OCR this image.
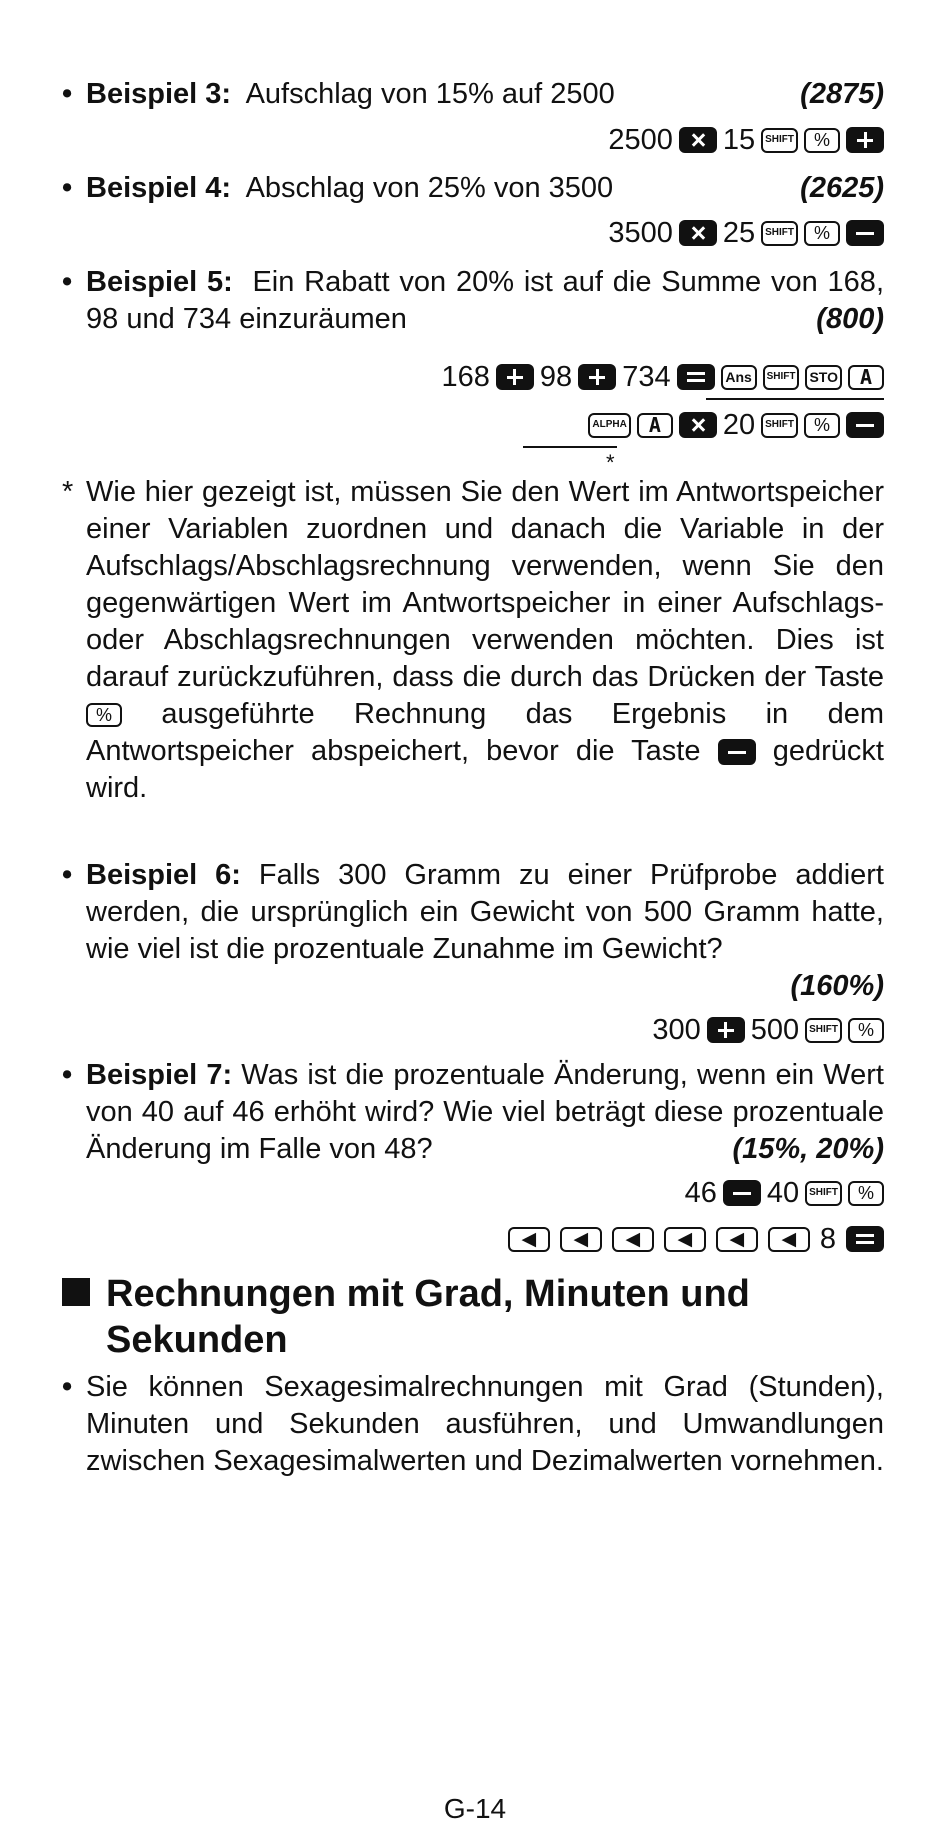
• Beispiel 3: Aufschlag von 15% auf 2500	(2875)
2500 15	SHIFT	%
• Beispiel 4: Abschlag von 25% von 3500	(2625)
3500 25	SHIFT	%
• Beispiel 5: Ein Rabatt von 20% ist auf die Summe von 168, 98 und 734 einzuräumen	(800)
168 98 734	Ans	SHIFT STO	A
ALPHA	A	20	SHIFT	%
*
* Wie hier gezeigt ist, müssen Sie den Wert im Antwortspeicher einer Variablen zuordnen und danach die Variable in der Aufschlags/Abschlagsrechnung verwenden, wenn Sie den gegenwärtigen Wert im Antwortspeicher in einer Aufschlags- oder Abschlagsrechnungen verwenden möchten. Dies ist darauf zurückzuführen, dass die durch das Drücken der Taste % ausgeführte Rechnung das Ergebnis in dem Antwortspeicher abspeichert, bevor die Taste gedrückt wird.
• Beispiel 6: Falls 300 Gramm zu einer Prüfprobe addiert werden, die ursprünglich ein Gewicht von 500 Gramm hatte, wie viel ist die prozentuale Zunahme im Gewicht?

(160%)
300 500	SHIFT	%
• Beispiel 7: Was ist die prozentuale Änderung, wenn ein Wert von 40 auf 46 erhöht wird? Wie viel beträgt diese prozentuale Änderung im Falle von 48?	(15%, 20%)
46 40	SHIFT	%
◀	◀	◀	◀	◀	◀ 8
Rechnungen mit Grad, Minuten und Sekunden
• Sie können Sexagesimalrechnungen mit Grad (Stunden), Minuten und Sekunden ausführen, und Umwandlungen zwischen Sexagesimalwerten und Dezimalwerten vornehmen.
G-14
